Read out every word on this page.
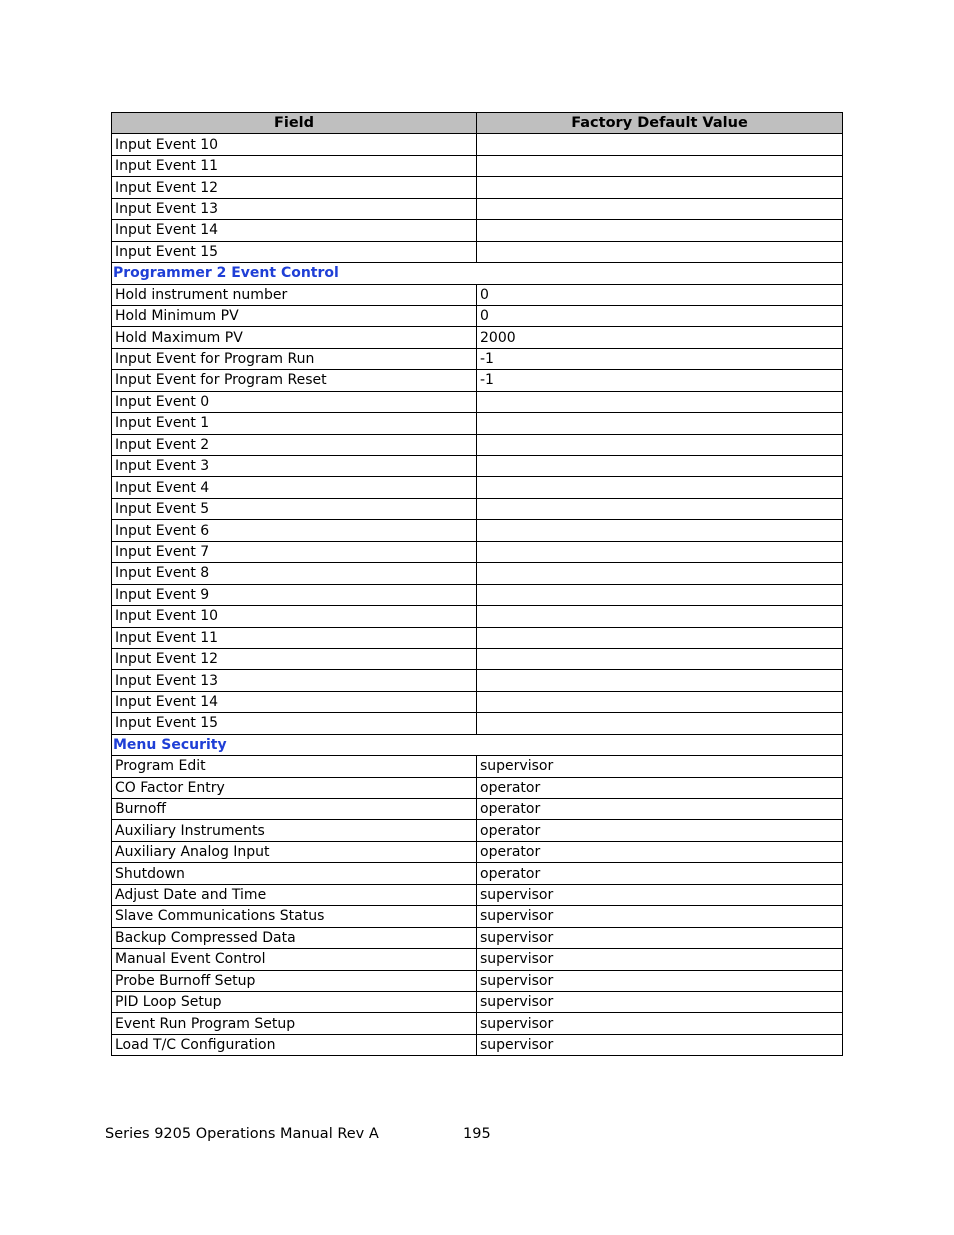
Field	Factory Default Value
Input Event 10	
Input Event 11	
Input Event 12	
Input Event 13	
Input Event 14	
Input Event 15	
Programmer 2 Event Control	
Hold instrument number	0
Hold Minimum PV	0
Hold Maximum PV	2000
Input Event for Program Run	-1
Input Event for Program Reset	-1
Input Event 0	
Input Event 1	
Input Event 2	
Input Event 3	
Input Event 4	
Input Event 5	
Input Event 6	
Input Event 7	
Input Event 8	
Input Event 9	
Input Event 10	
Input Event 11	
Input Event 12	
Input Event 13	
Input Event 14	
Input Event 15	
Menu Security	
Program Edit	supervisor
CO Factor Entry	operator
Burnoff	operator
Auxiliary Instruments	operator
Auxiliary Analog Input	operator
Shutdown	operator
Adjust Date and Time	supervisor
Slave Communications Status	supervisor
Backup Compressed Data	supervisor
Manual Event Control	supervisor
Probe Burnoff Setup	supervisor
PID Loop Setup	supervisor
Event Run Program Setup	supervisor
Load T/C Configuration	supervisor
Series 9205 Operations Manual Rev A	195
